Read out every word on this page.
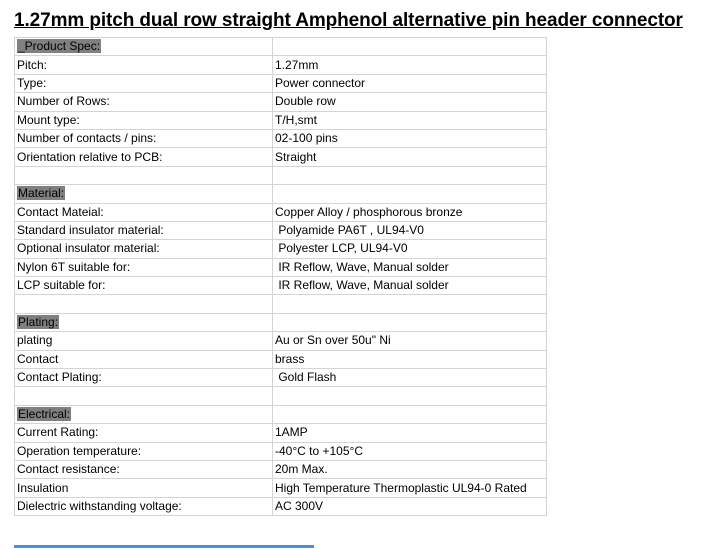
1.27mm pitch dual row straight Amphenol alternative pin header connector
_Product Spec:	
Pitch:	1.27mm
Type:	Power connector
Number of Rows:	Double row
Mount type:	T/H,smt
Number of contacts / pins:	02-100 pins
Orientation relative to PCB:	Straight

Material:	
Contact Mateial:	Copper Alloy / phosphorous bronze
Standard insulator material:	Polyamide PA6T , UL94-V0
Optional insulator material:	Polyester LCP, UL94-V0
Nylon 6T suitable for:	IR Reflow, Wave, Manual solder
LCP suitable for:	IR Reflow, Wave, Manual solder

Plating:	
plating	Au or Sn over 50u" Ni
Contact	brass
Contact Plating:	Gold Flash

Electrical:	
Current Rating:	1AMP
Operation temperature:	-40°C to +105°C
Contact resistance:	20m Max.
Insulation	High Temperature Thermoplastic UL94-0 Rated
Dielectric withstanding voltage:	AC 300V
